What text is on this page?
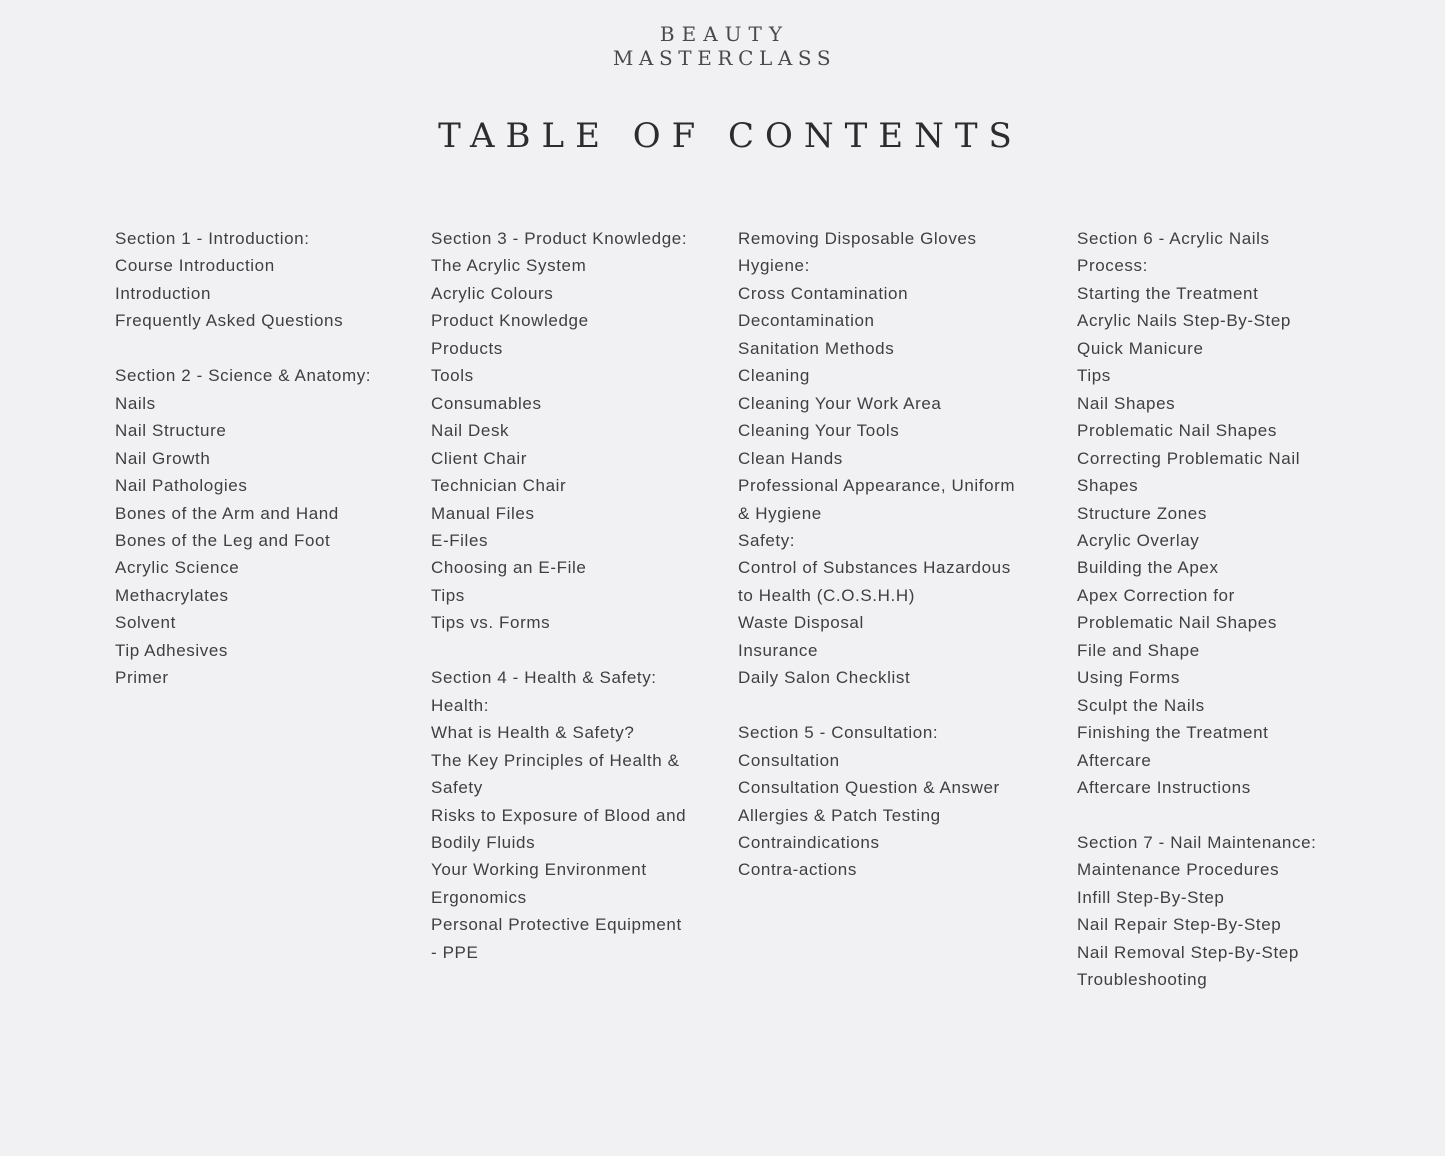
BEAUTY
MASTERCLASS
TABLE OF CONTENTS
Section 1 - Introduction:
Course Introduction
Introduction
Frequently Asked Questions
Section 2 - Science & Anatomy:
Nails
Nail Structure
Nail Growth
Nail Pathologies
Bones of the Arm and Hand
Bones of the Leg and Foot
Acrylic Science
Methacrylates
Solvent
Tip Adhesives
Primer
Section 3 - Product Knowledge:
The Acrylic System
Acrylic Colours
Product Knowledge
Products
Tools
Consumables
Nail Desk
Client Chair
Technician Chair
Manual Files
E-Files
Choosing an E-File
Tips
Tips vs. Forms
Section 4 - Health & Safety:
Health:
What is Health & Safety?
The Key Principles of Health &
Safety
Risks to Exposure of Blood and
Bodily Fluids
Your Working Environment
Ergonomics
Personal Protective Equipment
- PPE
Removing Disposable Gloves
Hygiene:
Cross Contamination
Decontamination
Sanitation Methods
Cleaning
Cleaning Your Work Area
Cleaning Your Tools
Clean Hands
Professional Appearance, Uniform
& Hygiene
Safety:
Control of Substances Hazardous
to Health (C.O.S.H.H)
Waste Disposal
Insurance
Daily Salon Checklist
Section 5 - Consultation:
Consultation
Consultation Question & Answer
Allergies & Patch Testing
Contraindications
Contra-actions
Section 6 - Acrylic Nails
Process:
Starting the Treatment
Acrylic Nails Step-By-Step
Quick Manicure
Tips
Nail Shapes
Problematic Nail Shapes
Correcting Problematic Nail
Shapes
Structure Zones
Acrylic Overlay
Building the Apex
Apex Correction for
Problematic Nail Shapes
File and Shape
Using Forms
Sculpt the Nails
Finishing the Treatment
Aftercare
Aftercare Instructions
Section 7 - Nail Maintenance:
Maintenance Procedures
Infill Step-By-Step
Nail Repair Step-By-Step
Nail Removal Step-By-Step
Troubleshooting
